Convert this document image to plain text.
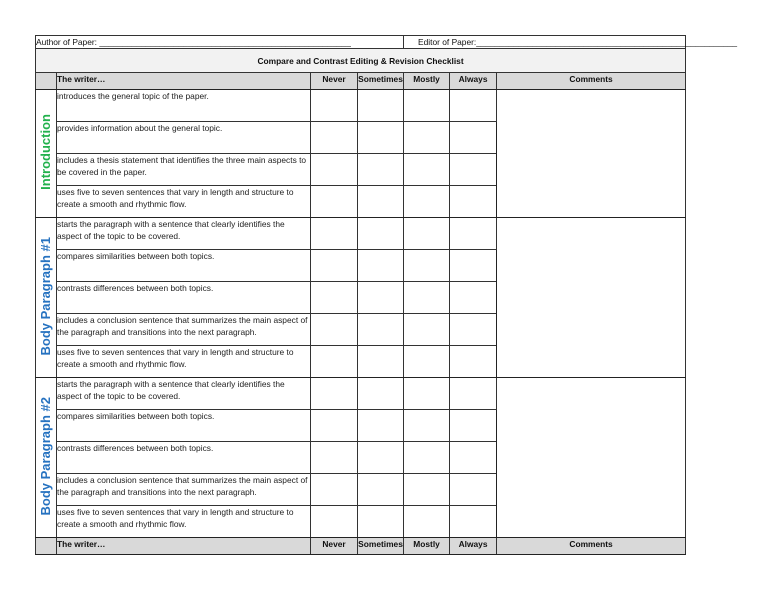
Author of Paper: ______________________________________________________				Editor of Paper:________________________________________________________		
Compare and Contrast Editing & Revision Checklist						
	The writer…	Never	Sometimes	Mostly	Always	Comments
Introduction	introduces the general topic of the paper.					
	provides information about the general topic.					
	includes a thesis statement that identifies the three main aspects to be covered in the paper.					
	uses five to seven sentences that vary in length and structure to create a smooth and rhythmic flow.					
Body Paragraph #1	starts the paragraph with a sentence that clearly identifies the aspect of the topic to be covered.					
	compares similarities between both topics.					
	contrasts differences between both topics.					
	includes a conclusion sentence that summarizes the main aspect of the paragraph and transitions into the next paragraph.					
	uses five to seven sentences that vary in length and structure to create a smooth and rhythmic flow.					
Body Paragraph #2	starts the paragraph with a sentence that clearly identifies the aspect of the topic to be covered.					
	compares similarities between both topics.					
	contrasts differences between both topics.					
	includes a conclusion sentence that summarizes the main aspect of the paragraph and transitions into the next paragraph.					
	uses five to seven sentences that vary in length and structure to create a smooth and rhythmic flow.					
	The writer…	Never	Sometimes	Mostly	Always	Comments
